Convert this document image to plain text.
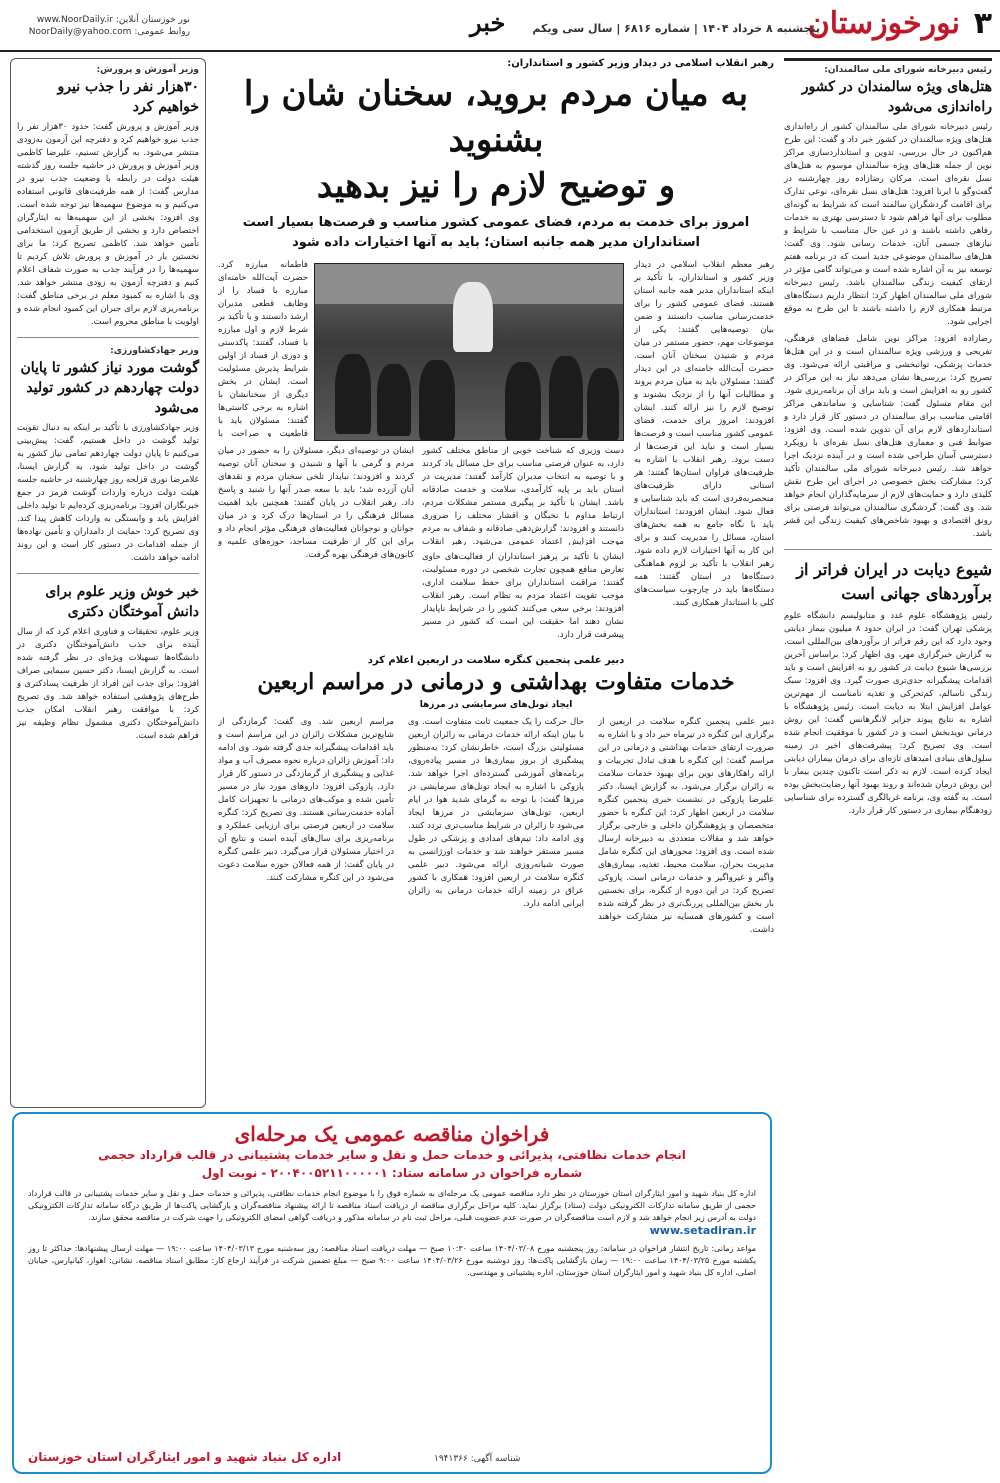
۳
نورخوزستان
پنجشنبه ۸ خرداد ۱۴۰۴ | شماره ۶۸۱۶ | سال سی ویکم
خبر
نور خوزستان آنلاین: www.NoorDaily.ir
روابط عمومی: NoorDaily@yahoo.com
رئیس دبیرخانه شورای ملی سالمندان:
هتل‌های ویژه سالمندان در کشور راه‌اندازی می‌شود

رئیس دبیرخانه شورای ملی سالمندان کشور از راه‌اندازی هتل‌های ویژه سالمندان در کشور خبر داد و گفت: این طرح هم‌اکنون در حال بررسی، تدوین و استانداردسازی مراکز نوین از جمله هتل‌های ویژه سالمندان موسوم به هتل‌های نسل نقره‌ای است. مرکان رضازاده روز چهارشنبه در گفت‌وگو با ایرنا افزود: هتل‌های نسل نقره‌ای، نوعی تدارک برای اقامت گردشگران سالمند است که شرایط به گونه‌ای مطلوب برای آنها فراهم شود تا دسترسی بهتری به خدمات رفاهی داشته باشند و در عین حال متناسب با شرایط و نیازهای جسمی آنان، خدمات رسانی شود. وی گفت: هتل‌های سالمندان موضوعی جدید است که در برنامه هفتم توسعه نیز به آن اشاره شده است و می‌تواند گامی مؤثر در ارتقای کیفیت زندگی سالمندان باشد. رئیس دبیرخانه شورای ملی سالمندان اظهار کرد: انتظار داریم دستگاه‌های مرتبط همکاری لازم را داشته باشند تا این طرح به موقع اجرایی شود.

رضازاده افزود: مراکز نوین شامل فضاهای فرهنگی، تفریحی و ورزشی ویژه سالمندان است و در این هتل‌ها خدمات پزشکی، توانبخشی و مراقبتی ارائه می‌شود. وی تصریح کرد: بررسی‌ها نشان می‌دهد نیاز به این مراکز در کشور رو به افزایش است و باید برای آن برنامه‌ریزی شود. این مقام مسئول گفت: شناسایی و ساماندهی مراکز اقامتی مناسب برای سالمندان در دستور کار قرار دارد و استانداردهای لازم برای آن تدوین شده است. وی افزود: ضوابط فنی و معماری هتل‌های نسل نقره‌ای با رویکرد دسترسی آسان طراحی شده است و در آینده نزدیک اجرا خواهد شد. رئیس دبیرخانه شورای ملی سالمندان تأکید کرد: مشارکت بخش خصوصی در اجرای این طرح نقش کلیدی دارد و حمایت‌های لازم از سرمایه‌گذاران انجام خواهد شد. وی گفت: گردشگری سالمندان می‌تواند فرصتی برای رونق اقتصادی و بهبود شاخص‌های کیفیت زندگی این قشر باشد.

شیوع دیابت در ایران فراتر از برآوردهای جهانی است

رئیس پژوهشگاه علوم غدد و متابولیسم دانشگاه علوم پزشکی تهران گفت: در ایران حدود ۸ میلیون بیمار دیابتی وجود دارد که این رقم فراتر از برآوردهای بین‌المللی است. به گزارش خبرگزاری مهر، وی اظهار کرد: براساس آخرین بررسی‌ها شیوع دیابت در کشور رو به افزایش است و باید اقدامات پیشگیرانه جدی‌تری صورت گیرد. وی افزود: سبک زندگی ناسالم، کم‌تحرکی و تغذیه نامناسب از مهم‌ترین عوامل افزایش ابتلا به دیابت است. رئیس پژوهشگاه با اشاره به نتایج پیوند جزایر لانگرهانس گفت: این روش درمانی نویدبخش است و در کشور با موفقیت انجام شده است. وی تصریح کرد: پیشرفت‌های اخیر در زمینه سلول‌های بنیادی امیدهای تازه‌ای برای درمان بیماران دیابتی ایجاد کرده است. لازم به ذکر است تاکنون چندین بیمار با این روش درمان شده‌اند و روند بهبود آنها رضایت‌بخش بوده است. به گفته وی، برنامه غربالگری گسترده برای شناسایی زودهنگام بیماری در دستور کار قرار دارد.

وزیر آموزش و پرورش:
۳۰هزار نفر را جذب نیرو خواهیم کرد

وزیر آموزش و پرورش گفت: حدود ۳۰هزار نفر را جذب نیرو خواهیم کرد و دفترچه این آزمون به‌زودی منتشر می‌شود. به گزارش تسنیم، علیرضا کاظمی وزیر آموزش و پرورش در حاشیه جلسه روز گذشته هیئت دولت در رابطه با وضعیت جذب نیرو در مدارس گفت: از همه ظرفیت‌های قانونی استفاده می‌کنیم و به موضوع سهمیه‌ها نیز توجه شده است. وی افزود: بخشی از این سهمیه‌ها به ایثارگران اختصاص دارد و بخشی از طریق آزمون استخدامی تأمین خواهد شد. کاظمی تصریح کرد: ما برای نخستین بار در آموزش و پرورش تلاش کردیم تا سهمیه‌ها را در فرآیند جذب به صورت شفاف اعلام کنیم و دفترچه آزمون به زودی منتشر خواهد شد. وی با اشاره به کمبود معلم در برخی مناطق گفت: برنامه‌ریزی لازم برای جبران این کمبود انجام شده و اولویت با مناطق محروم است.

وزیر جهادکشاورزی:
گوشت مورد نیاز کشور تا پایان دولت چهاردهم در کشور تولید می‌شود

وزیر جهادکشاورزی با تأکید بر اینکه به دنبال تقویت تولید گوشت در داخل هستیم، گفت: پیش‌بینی می‌کنیم تا پایان دولت چهاردهم تمامی نیاز کشور به گوشت در داخل تولید شود. به گزارش ایسنا، غلامرضا نوری قزلجه روز چهارشنبه در حاشیه جلسه هیئت دولت درباره واردات گوشت قرمز در جمع خبرنگاران افزود: برنامه‌ریزی کرده‌ایم تا تولید داخلی افزایش یابد و وابستگی به واردات کاهش پیدا کند. وی تصریح کرد: حمایت از دامداران و تأمین نهاده‌ها از جمله اقدامات در دستور کار است و این روند ادامه خواهد داشت.

خبر خوش وزیر علوم برای دانش آموختگان دکتری

وزیر علوم، تحقیقات و فناوری اعلام کرد که از سال آینده برای جذب دانش‌آموختگان دکتری در دانشگاه‌ها تسهیلات ویژه‌ای در نظر گرفته شده است. به گزارش ایسنا، دکتر حسین سیمایی صراف افزود: برای جذب این افراد از ظرفیت پسادکتری و طرح‌های پژوهشی استفاده خواهد شد. وی تصریح کرد: با موافقت رهبر انقلاب امکان جذب دانش‌آموختگان دکتری مشمول نظام وظیفه نیز فراهم شده است.

رهبر انقلاب اسلامی در دیدار وزیر کشور و استانداران:
به میان مردم بروید، سخنان شان را بشنوید
و توضیح لازم را نیز بدهید
امروز برای خدمت به مردم، فضای عمومی کشور مناسب و فرصت‌ها بسیار است
استانداران مدیر همه جانبه استان؛ باید به آنها اختیارات داده شود

رهبر معظم انقلاب اسلامی در دیدار وزیر کشور و استانداران، با تأکید بر اینکه استانداران مدیر همه جانبه استان هستند، فضای عمومی کشور را برای خدمت‌رسانی مناسب دانستند و ضمن بیان توصیه‌هایی گفتند: یکی از موضوعات مهم، حضور مستمر در میان مردم و شنیدن سخنان آنان است. حضرت آیت‌الله خامنه‌ای در این دیدار گفتند: مسئولان باید به میان مردم بروند و مطالبات آنها را از نزدیک بشنوند و توضیح لازم را نیز ارائه کنند. ایشان افزودند: امروز برای خدمت، فضای عمومی کشور مناسب است و فرصت‌ها بسیار است و نباید این فرصت‌ها از دست برود. رهبر انقلاب با اشاره به ظرفیت‌های فراوان استان‌ها گفتند: هر استانی دارای ظرفیت‌های منحصربه‌فردی است که باید شناسایی و فعال شود. ایشان افزودند: استانداران باید با نگاه جامع به همه بخش‌های استان، مسائل را مدیریت کنند و برای این کار به آنها اختیارات لازم داده شود. رهبر انقلاب با تأکید بر لزوم هماهنگی دستگاه‌ها در استان گفتند: همه دستگاه‌ها باید در چارچوب سیاست‌های کلی با استاندار همکاری کنند.

فاطمانه مبارزه کرد. حضرت آیت‌الله خامنه‌ای مبارزه با فساد را از وظایف قطعی مدیران ارشد دانستند و با تأکید بر شرط لازم و اول مبارزه با فساد، گفتند: پاکدستی و دوری از فساد از اولین شرایط پذیرش مسئولیت است. ایشان در بخش دیگری از سخنانشان با اشاره به برخی کاستی‌ها گفتند: مسئولان باید با قاطعیت و صراحت با

ایشان در توصیه‌ای دیگر، مسئولان را به حضور در میان مردم و گرمی با آنها و شنیدن و سخنان آنان توصیه کردند و افزودند: نبایداز تلخی سخنان مردم و نقدهای آنان آزرده شد؛ باید با سعه صدر آنها را شنید و پاسخ داد. رهبر انقلاب در پایان گفتند: همچنین باید اهمیت مسائل فرهنگی را در استان‌ها درک کرد و در میان جوانان و نوجوانان فعالیت‌های فرهنگی مؤثر انجام داد و برای این کار از ظرفیت مساجد، حوزه‌های علمیه و کانون‌های فرهنگی بهره گرفت.

دست وزیری که شناخت خوبی از مناطق مختلف کشور دارد، به عنوان فرصتی مناسب برای حل مسائل یاد کردند و با توصیه به انتخاب مدیران کارآمد گفتند: مدیریت در استان باید بر پایه کارآمدی، سلامت و خدمت صادقانه باشد. ایشان با تأکید بر پیگیری مستمر مشکلات مردم، ارتباط مداوم با نخبگان و اقشار مختلف را ضروری دانستند و افزودند: گزارش‌دهی صادقانه و شفاف به مردم موجب افزایش اعتماد عمومی می‌شود. رهبر انقلاب

ایشان با تأکید بر پرهیز استانداران از فعالیت‌های حاوی تعارض منافع همچون تجارت شخصی در دوره مسئولیت، گفتند: مراقبت استانداران برای حفظ سلامت اداری، موجب تقویت اعتماد مردم به نظام است. رهبر انقلاب افزودند: برخی سعی می‌کنند کشور را در شرایط ناپایدار نشان دهند اما حقیقت این است که کشور در مسیر پیشرفت قرار دارد.

دبیر علمی پنجمین کنگره سلامت در اربعین اعلام کرد
خدمات متفاوت بهداشتی و درمانی در مراسم اربعین
ایجاد تونل‌های سرمایشی در مرزها

دبیر علمی پنجمین کنگره سلامت در اربعین از برگزاری این کنگره در تیرماه خبر داد و با اشاره به ضرورت ارتقای خدمات بهداشتی و درمانی در این مراسم گفت: این کنگره با هدف تبادل تجربیات و ارائه راهکارهای نوین برای بهبود خدمات سلامت به زائران برگزار می‌شود. به گزارش ایسنا، دکتر علیرضا پازوکی در نشست خبری پنجمین کنگره سلامت در اربعین اظهار کرد: این کنگره با حضور متخصصان و پژوهشگران داخلی و خارجی برگزار خواهد شد و مقالات متعددی به دبیرخانه ارسال شده است. وی افزود: محورهای این کنگره شامل مدیریت بحران، سلامت محیط، تغذیه، بیماری‌های واگیر و غیرواگیر و خدمات درمانی است. پازوکی تصریح کرد: در این دوره از کنگره، برای نخستین بار بخش بین‌المللی پررنگ‌تری در نظر گرفته شده است و کشورهای همسایه نیز مشارکت خواهند داشت.

حال حرکت را یک جمعیت ثابت متفاوت است. وی با بیان اینکه ارائه خدمات درمانی به زائران اربعین مسئولیتی بزرگ است، خاطرنشان کرد: به‌منظور پیشگیری از بروز بیماری‌ها در مسیر پیاده‌روی، برنامه‌های آموزشی گسترده‌ای اجرا خواهد شد. پازوکی با اشاره به ایجاد تونل‌های سرمایشی در مرزها گفت: با توجه به گرمای شدید هوا در ایام اربعین، تونل‌های سرمایشی در مرزها ایجاد می‌شود تا زائران در شرایط مناسب‌تری تردد کنند. وی ادامه داد: تیم‌های امدادی و پزشکی در طول مسیر مستقر خواهند شد و خدمات اورژانسی به صورت شبانه‌روزی ارائه می‌شود. دبیر علمی کنگره سلامت در اربعین افزود: همکاری با کشور عراق در زمینه ارائه خدمات درمانی به زائران ایرانی ادامه دارد.

مراسم اربعین شد. وی گفت: گرمازدگی از شایع‌ترین مشکلات زائران در این مراسم است و باید اقدامات پیشگیرانه جدی گرفته شود. وی ادامه داد: آموزش زائران درباره نحوه مصرف آب و مواد غذایی و پیشگیری از گرمازدگی در دستور کار قرار دارد. پازوکی افزود: داروهای مورد نیاز در مسیر تأمین شده و موکب‌های درمانی با تجهیزات کامل آماده خدمت‌رسانی هستند. وی تصریح کرد: کنگره سلامت در اربعین فرصتی برای ارزیابی عملکرد و برنامه‌ریزی برای سال‌های آینده است و نتایج آن در اختیار مسئولان قرار می‌گیرد. دبیر علمی کنگره در پایان گفت: از همه فعالان حوزه سلامت دعوت می‌شود در این کنگره مشارکت کنند.

فراخوان مناقصه عمومی یک مرحله‌ای
انجام خدمات نظافتی، پذیرائی و خدمات حمل و نقل و سایر خدمات پشتیبانی در قالب قرارداد حجمی
شماره فراخوان در سامانه ستاد: ۲۰۰۴۰۰۵۲۱۱۰۰۰۰۰۱ - نوبت اول

اداره کل بنیاد شهید و امور ایثارگران استان خوزستان در نظر دارد مناقصه عمومی یک مرحله‌ای به شماره فوق را با موضوع انجام خدمات نظافتی، پذیرائی و خدمات حمل و نقل و سایر خدمات پشتیبانی در قالب قرارداد حجمی از طریق سامانه تدارکات الکترونیکی دولت (ستاد) برگزار نماید. کلیه مراحل برگزاری مناقصه از دریافت اسناد مناقصه تا ارائه پیشنهاد مناقصه‌گران و بازگشایی پاکت‌ها از طریق درگاه سامانه تدارکات الکترونیکی دولت به آدرس زیر انجام خواهد شد و لازم است مناقصه‌گران در صورت عدم عضویت قبلی، مراحل ثبت نام در سامانه مذکور و دریافت گواهی امضای الکترونیکی را جهت شرکت در مناقصه محقق سازند.

www.setadiran.ir

مواعد زمانی: تاریخ انتشار فراخوان در سامانه: روز پنجشنبه مورخ ۱۴۰۴/۰۳/۰۸ ساعت ۱۰:۳۰ صبح — مهلت دریافت اسناد مناقصه: روز سه‌شنبه مورخ ۱۴۰۴/۰۳/۱۳ ساعت ۱۹:۰۰ — مهلت ارسال پیشنهادها: حداکثر تا روز یکشنبه مورخ ۱۴۰۴/۰۳/۲۵ ساعت ۱۹:۰۰ — زمان بازگشایی پاکت‌ها: روز دوشنبه مورخ ۱۴۰۴/۰۳/۲۶ ساعت ۹:۰۰ صبح — مبلغ تضمین شرکت در فرآیند ارجاع کار: مطابق اسناد مناقصه. نشانی: اهواز، کیانپارس، خیابان اصلی، اداره کل بنیاد شهید و امور ایثارگران استان خوزستان، اداره پشتیبانی و مهندسی.

شناسه آگهی: ۱۹۴۱۳۶۶
اداره کل بنیاد شهید و امور ایثارگران استان خوزستان
